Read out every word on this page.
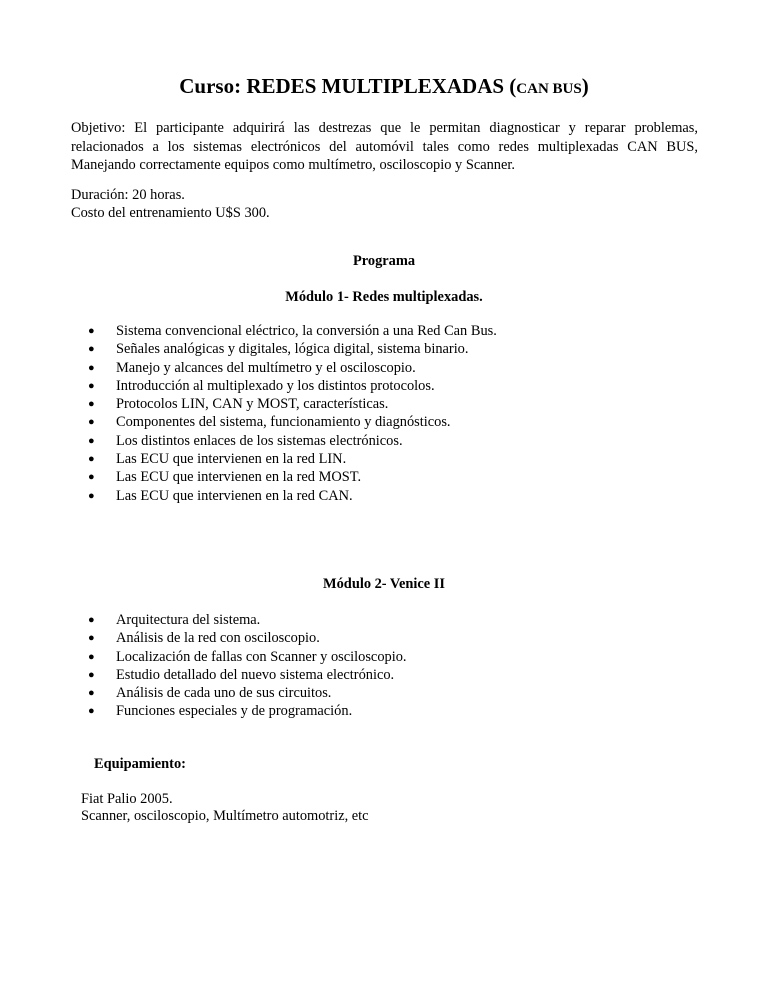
Curso: REDES MULTIPLEXADAS (CAN BUS)
Objetivo: El participante adquirirá las destrezas que le permitan diagnosticar y reparar problemas, relacionados a los sistemas electrónicos del automóvil tales como redes multiplexadas CAN BUS, Manejando correctamente equipos como multímetro, osciloscopio y Scanner.
Duración: 20 horas.
Costo del entrenamiento U$S 300.
Programa
Módulo 1- Redes multiplexadas.
● Sistema convencional eléctrico, la conversión a una Red Can Bus.
● Señales analógicas y digitales, lógica digital, sistema binario.
● Manejo y alcances del multímetro y el osciloscopio.
● Introducción al multiplexado y los distintos protocolos.
● Protocolos LIN, CAN y MOST, características.
● Componentes del sistema, funcionamiento y diagnósticos.
● Los distintos enlaces de los sistemas electrónicos.
● Las ECU que intervienen en la red LIN.
● Las ECU que intervienen en la red MOST.
● Las ECU que intervienen en la red CAN.
Módulo 2- Venice II
● Arquitectura del sistema.
● Análisis de la red con osciloscopio.
● Localización de fallas con Scanner y osciloscopio.
● Estudio detallado del nuevo sistema electrónico.
● Análisis de cada uno de sus circuitos.
● Funciones especiales y de programación.
Equipamiento:
Fiat Palio 2005.
Scanner, osciloscopio, Multímetro automotriz, etc
